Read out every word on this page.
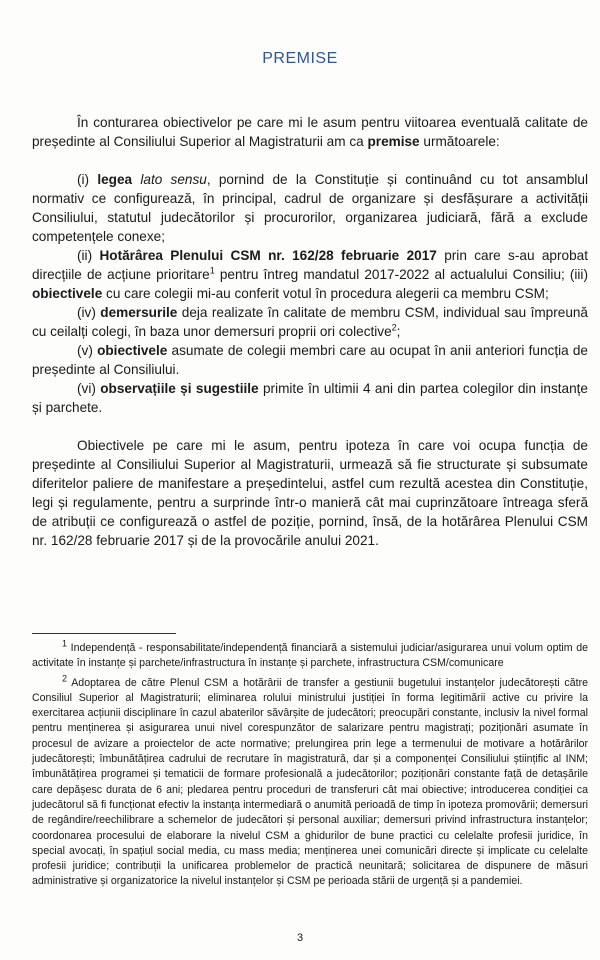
PREMISE

În conturarea obiectivelor pe care mi le asum pentru viitoarea eventuală calitate de președinte al Consiliului Superior al Magistraturii am ca premise următoarele:

(i) legea lato sensu, pornind de la Constituție și continuând cu tot ansamblul normativ ce configurează, în principal, cadrul de organizare și desfășurare a activității Consiliului, statutul judecătorilor și procurorilor, organizarea judiciară, fără a exclude competențele conexe;

(ii) Hotărârea Plenului CSM nr. 162/28 februarie 2017 prin care s-au aprobat direcțiile de acțiune prioritare$^1$ pentru întreg mandatul 2017-2022 al actualului Consiliu; (iii) obiectivele cu care colegii mi-au conferit votul în procedura alegerii ca membru CSM;

(iv) demersurile deja realizate în calitate de membru CSM, individual sau împreună cu ceilalți colegi, în baza unor demersuri proprii ori colective$^2$;

(v) obiectivele asumate de colegii membri care au ocupat în anii anteriori funcția de președinte al Consiliului.

(vi) observațiile și sugestiile primite în ultimii 4 ani din partea colegilor din instanțe și parchete.

Obiectivele pe care mi le asum, pentru ipoteza în care voi ocupa funcția de președinte al Consiliului Superior al Magistraturii, urmează să fie structurate și subsumate diferitelor paliere de manifestare a președintelui, astfel cum rezultă acestea din Constituție, legi și regulamente, pentru a surprinde într-o manieră cât mai cuprinzătoare întreaga sferă de atribuții ce configurează o astfel de poziție, pornind, însă, de la hotărârea Plenului CSM nr. 162/28 februarie 2017 și de la provocările anului 2021.

$^1$ Independență - responsabilitate/independență financiară a sistemului judiciar/asigurarea unui volum optim de activitate în instanțe și parchete/infrastructura în instanțe și parchete, infrastructura CSM/comunicare

$^2$ Adoptarea de către Plenul CSM a hotărârii de transfer a gestiunii bugetului instanțelor judecătorești către Consiliul Superior al Magistraturii; eliminarea rolului ministrului justiției în forma legitimării active cu privire la exercitarea acțiunii disciplinare în cazul abaterilor săvârșite de judecători; preocupări constante, inclusiv la nivel formal pentru menținerea și asigurarea unui nivel corespunzător de salarizare pentru magistrați; poziționări asumate în procesul de avizare a proiectelor de acte normative; prelungirea prin lege a termenului de motivare a hotărârilor judecătorești; îmbunătățirea cadrului de recrutare în magistratură, dar și a componenței Consiliului științific al INM; îmbunătățirea programei și tematicii de formare profesională a judecătorilor; poziționări constante față de detașările care depășesc durata de 6 ani; pledarea pentru proceduri de transferuri cât mai obiective; introducerea condiției ca judecătorul să fi funcționat efectiv la instanța intermediară o anumită perioadă de timp în ipoteza promovării; demersuri de regândire/reechilibrare a schemelor de judecători și personal auxiliar; demersuri privind infrastructura instanțelor; coordonarea procesului de elaborare la nivelul CSM a ghidurilor de bune practici cu celelalte profesii juridice, în special avocați, în spațiul social media, cu mass media; menținerea unei comunicări directe și implicate cu celelalte profesii juridice; contribuții la unificarea problemelor de practică neunitară; solicitarea de dispunere de măsuri administrative și organizatorice la nivelul instanțelor și CSM pe perioada stării de urgență și a pandemiei.

3
